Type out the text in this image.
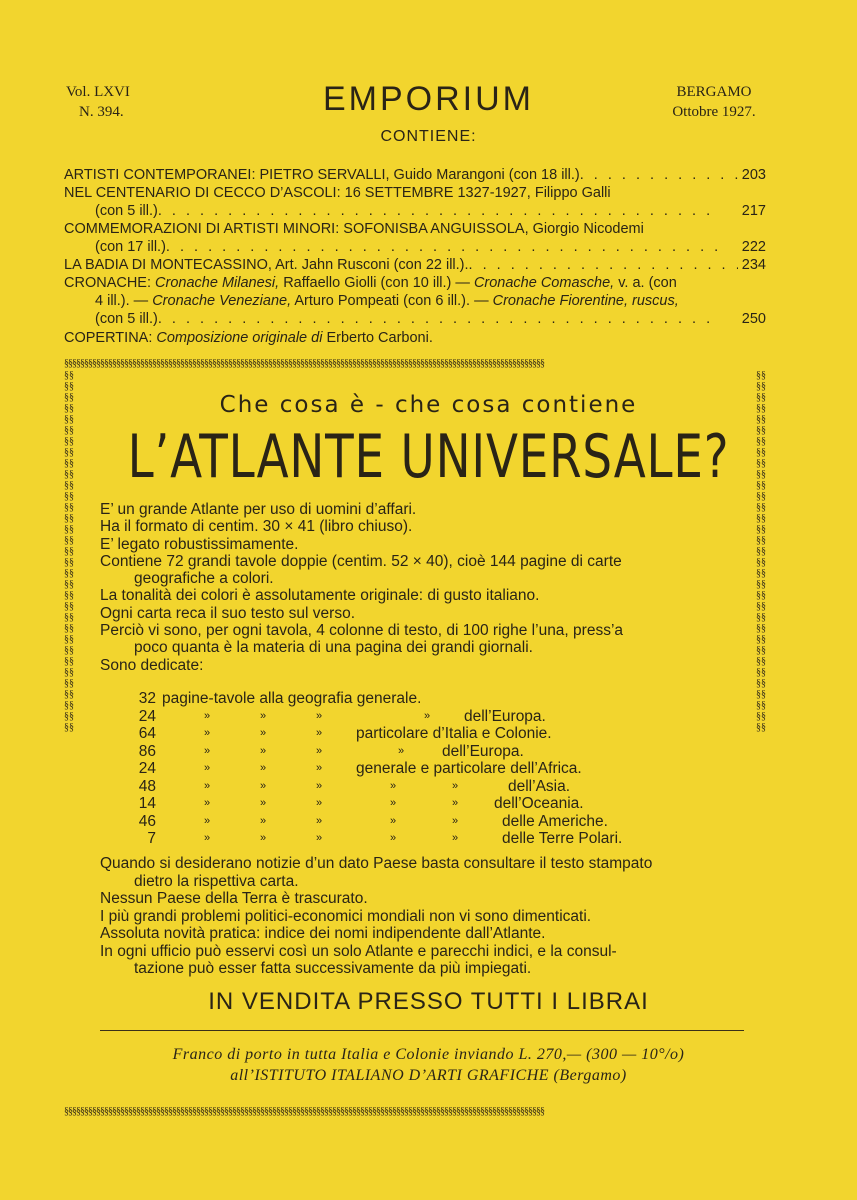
Vol. LXVI
N. 394.	EMPORIUM	BERGAMO
Ottobre 1927.
CONTIENE:
ARTISTI CONTEMPORANEI: PIETRO SERVALLI, Guido Marangoni (con 18 ill.) . .	203
NEL CENTENARIO DI CECCO D’ASCOLI: 16 SETTEMBRE 1327-1927, Filippo Galli
(con 5 ill.) . .	217
COMMEMORAZIONI DI ARTISTI MINORI: SOFONISBA ANGUISSOLA, Giorgio Nicodemi
(con 17 ill.) . .	222
LA BADIA DI MONTECASSINO, Art. Jahn Rusconi (con 22 ill.). . .	234
CRONACHE: Cronache Milanesi, Raffaello Giolli (con 10 ill.) — Cronache Comasche, v. a. (con
4 ill.). — Cronache Veneziane, Arturo Pompeati (con 6 ill.). — Cronache Fiorentine, ruscus,
(con 5 ill.) . .	250
COPERTINA: Composizione originale di Erberto Carboni.
§§§§§§§§§§§§§§§§§§§§§§§§§§§§§§§§§§§§§§§§§§§§§§§§§§§§§§§§§§§§§§§§§§§§§§§§§§§§§§§§§§§§§§§§§§§§§§§§§§§§§§§§§§§§§§§§§§§§§§§§
§§§§§§§§§§§§§§§§§§§§§§§§§§§§§§§§§§§§§§§§§§§§§§§§§§§§§§§§§§§§§§§§§§§§§§§§§§§§§§§§§§§§§§§§§§§§§§§§§§§§§§§§§§§§§§§§§§§§§§§§
§§§§§§§§§§§§§§§§§§§§§§§§§§§§§§§§§§§§§§§§§§§§§§§§§§§§§§§§§§§§§§§§§§
§§§§§§§§§§§§§§§§§§§§§§§§§§§§§§§§§§§§§§§§§§§§§§§§§§§§§§§§§§§§§§§§§§
Che cosa è - che cosa contiene
L’ATLANTE UNIVERSALE?
E’ un grande Atlante per uso di uomini d’affari.
Ha il formato di centim. 30 × 41 (libro chiuso).
E’ legato robustissimamente.
Contiene 72 grandi tavole doppie (centim. 52 × 40), cioè 144 pagine di carte
geografiche a colori.
La tonalità dei colori è assolutamente originale: di gusto italiano.
Ogni carta reca il suo testo sul verso.
Perciò vi sono, per ogni tavola, 4 colonne di testo, di 100 righe l’una, press’a
poco quanta è la materia di una pagina dei grandi giornali.
Sono dedicate:
32 pagine-tavole alla geografia generale.
24	»	»	»	» dell’Europa.
64	»	»	» particolare d’Italia e Colonie.
86	»	»	»	» dell’Europa.
24	»	»	» generale e particolare dell’Africa.
48	»	»	»	»	»	dell’Asia.
14	»	»	»	»	» dell’Oceania.
46	»	»	»	»	»	delle Americhe.
7	»	»	»	»	»	delle Terre Polari.
Quando si desiderano notizie d’un dato Paese basta consultare il testo stampato
dietro la rispettiva carta.
Nessun Paese della Terra è trascurato.
I più grandi problemi politici-economici mondiali non vi sono dimenticati.
Assoluta novità pratica: indice dei nomi indipendente dall’Atlante.
In ogni ufficio può esservi così un solo Atlante e parecchi indici, e la consul-
tazione può esser fatta successivamente da più impiegati.
IN VENDITA PRESSO TUTTI I LIBRAI
Franco di porto in tutta Italia e Colonie inviando L. 270,— (300 — 10°/o)
all’ISTITUTO ITALIANO D’ARTI GRAFICHE (Bergamo)
